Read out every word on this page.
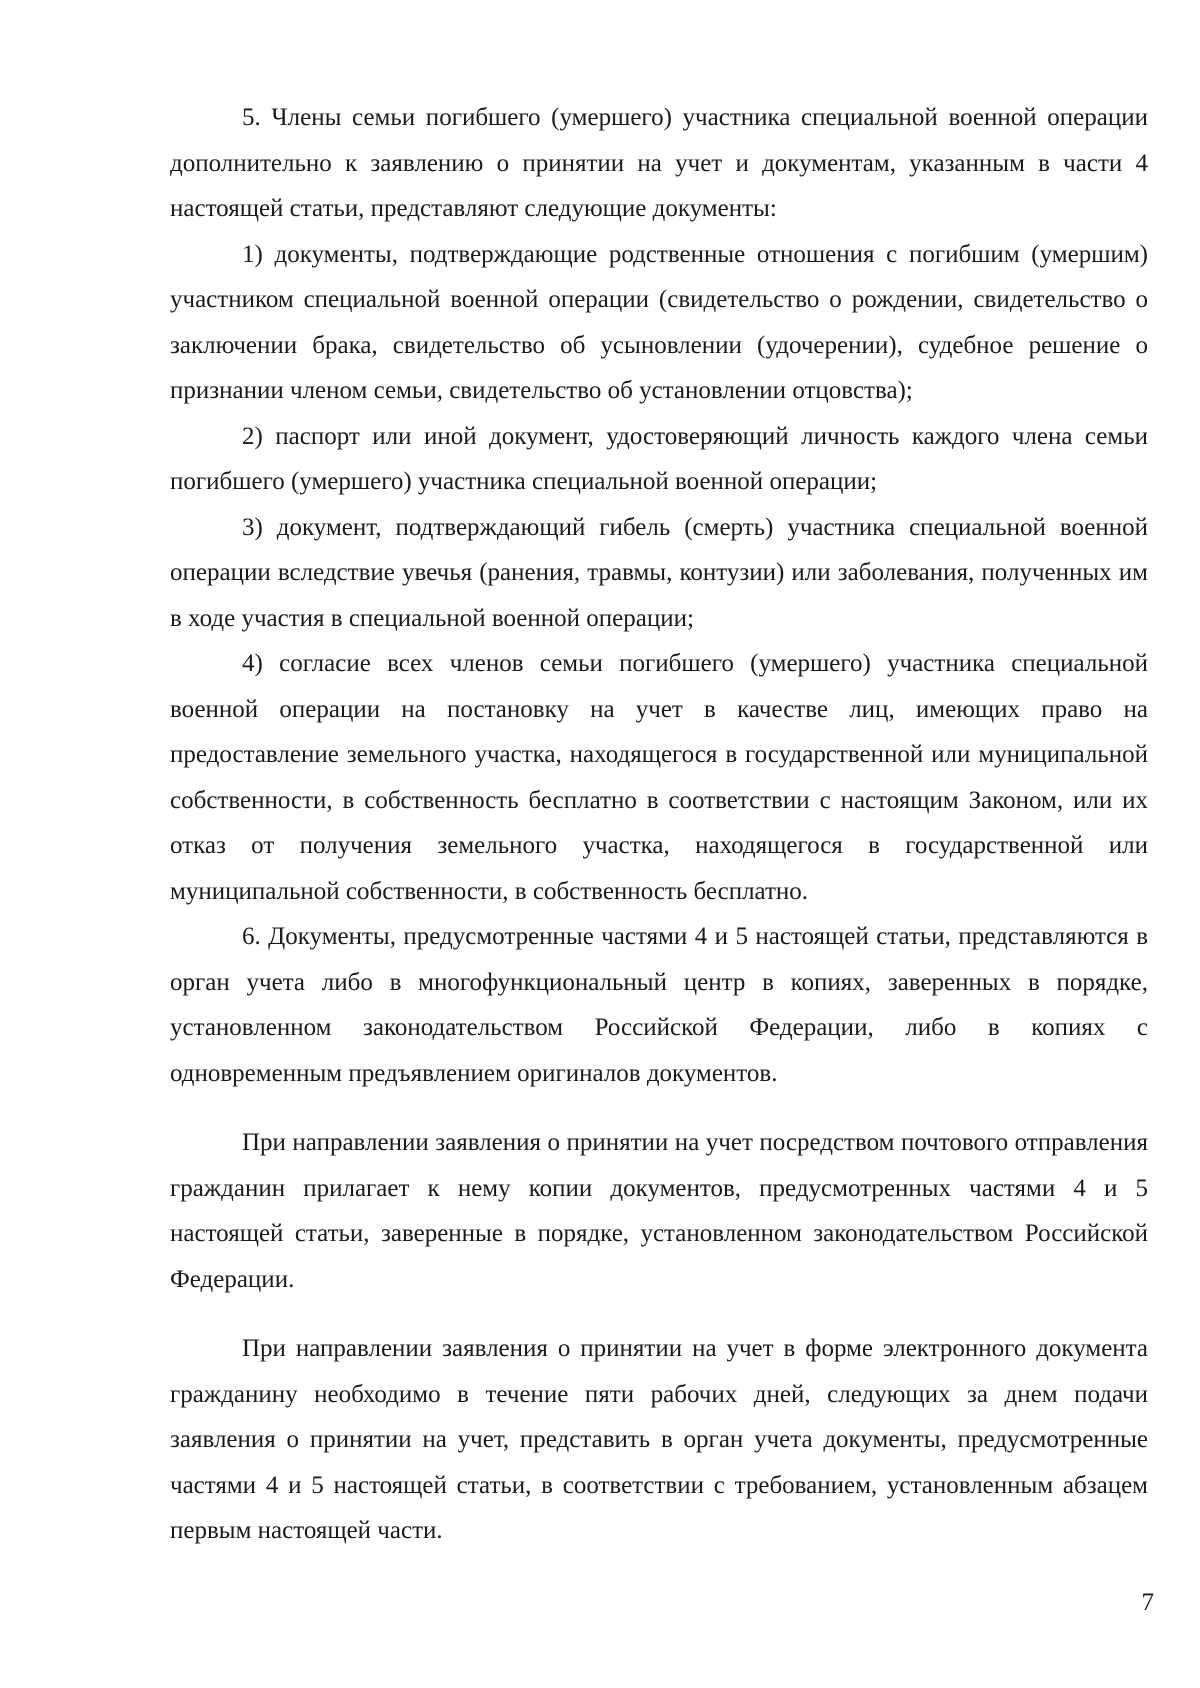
5. Члены семьи погибшего (умершего) участника специальной военной операции дополнительно к заявлению о принятии на учет и документам, указанным в части 4 настоящей статьи, представляют следующие документы:

1) документы, подтверждающие родственные отношения с погибшим (умершим) участником специальной военной операции (свидетельство о рождении, свидетельство о заключении брака, свидетельство об усыновлении (удочерении), судебное решение о признании членом семьи, свидетельство об установлении отцовства);

2) паспорт или иной документ, удостоверяющий личность каждого члена семьи погибшего (умершего) участника специальной военной операции;

3) документ, подтверждающий гибель (смерть) участника специальной военной операции вследствие увечья (ранения, травмы, контузии) или заболевания, полученных им в ходе участия в специальной военной операции;

4) согласие всех членов семьи погибшего (умершего) участника специальной военной операции на постановку на учет в качестве лиц, имеющих право на предоставление земельного участка, находящегося в государственной или муниципальной собственности, в собственность бесплатно в соответствии с настоящим Законом, или их отказ от получения земельного участка, находящегося в государственной или муниципальной собственности, в собственность бесплатно.

6. Документы, предусмотренные частями 4 и 5 настоящей статьи, представляются в орган учета либо в многофункциональный центр в копиях, заверенных в порядке, установленном законодательством Российской Федерации, либо в копиях с одновременным предъявлением оригиналов документов.

При направлении заявления о принятии на учет посредством почтового отправления гражданин прилагает к нему копии документов, предусмотренных частями 4 и 5 настоящей статьи, заверенные в порядке, установленном законодательством Российской Федерации.

При направлении заявления о принятии на учет в форме электронного документа гражданину необходимо в течение пяти рабочих дней, следующих за днем подачи заявления о принятии на учет, представить в орган учета документы, предусмотренные частями 4 и 5 настоящей статьи, в соответствии с требованием, установленным абзацем первым настоящей части.

7
